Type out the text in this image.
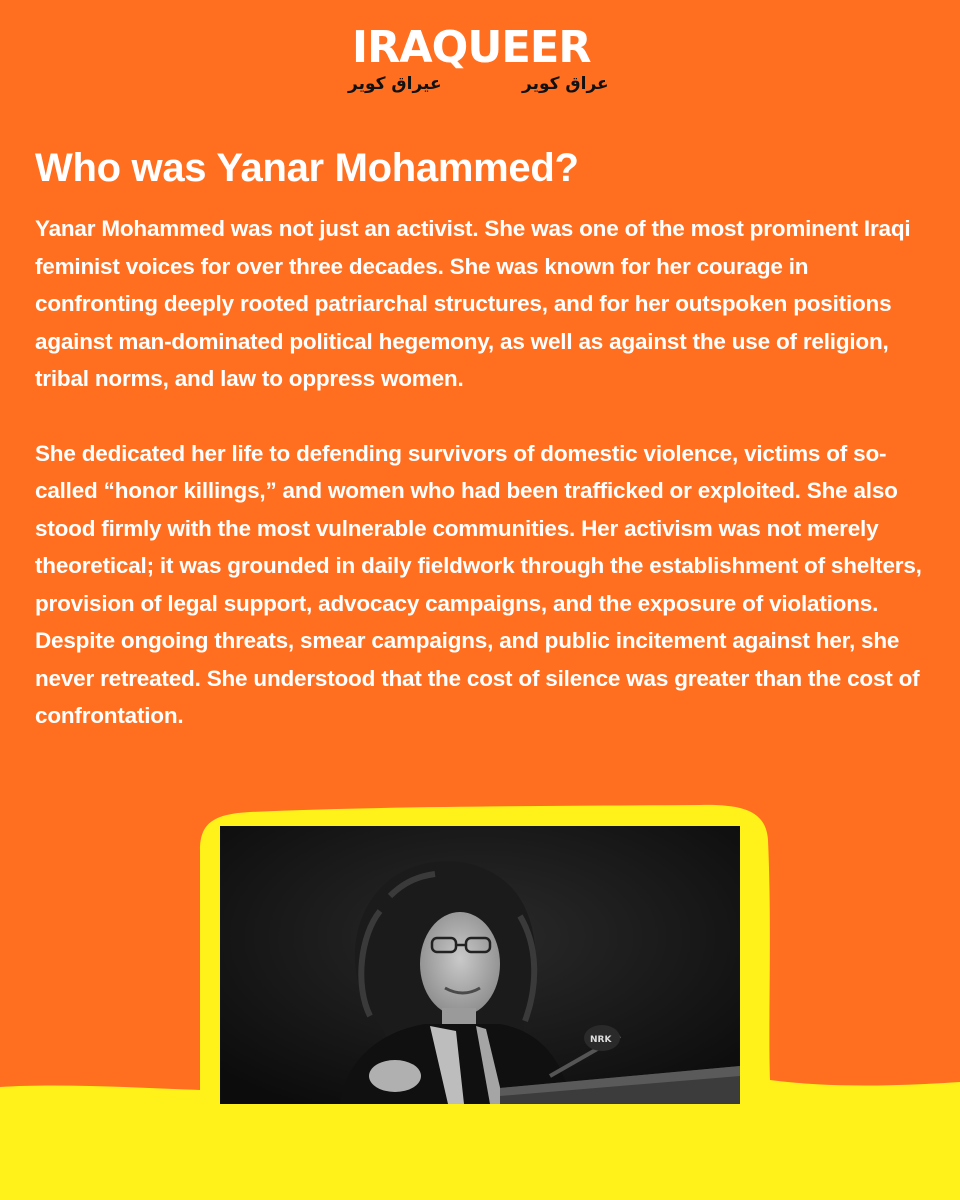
IRAQUEER
عيراق كوير	عراق كوير
Who was Yanar Mohammed?

Yanar Mohammed was not just an activist. She was one of the most prominent Iraqi feminist voices for over three decades. She was known for her courage in confronting deeply rooted patriarchal structures, and for her outspoken positions against man-dominated political hegemony, as well as against the use of religion, tribal norms, and law to oppress women.

She dedicated her life to defending survivors of domestic violence, victims of so-called “honor killings,” and women who had been trafficked or exploited. She also stood firmly with the most vulnerable communities. Her activism was not merely theoretical; it was grounded in daily fieldwork through the establishment of shelters, provision of legal support, advocacy campaigns, and the exposure of violations.

Despite ongoing threats, smear campaigns, and public incitement against her, she never retreated. She understood that the cost of silence was greater than the cost of confrontation.

NRK
